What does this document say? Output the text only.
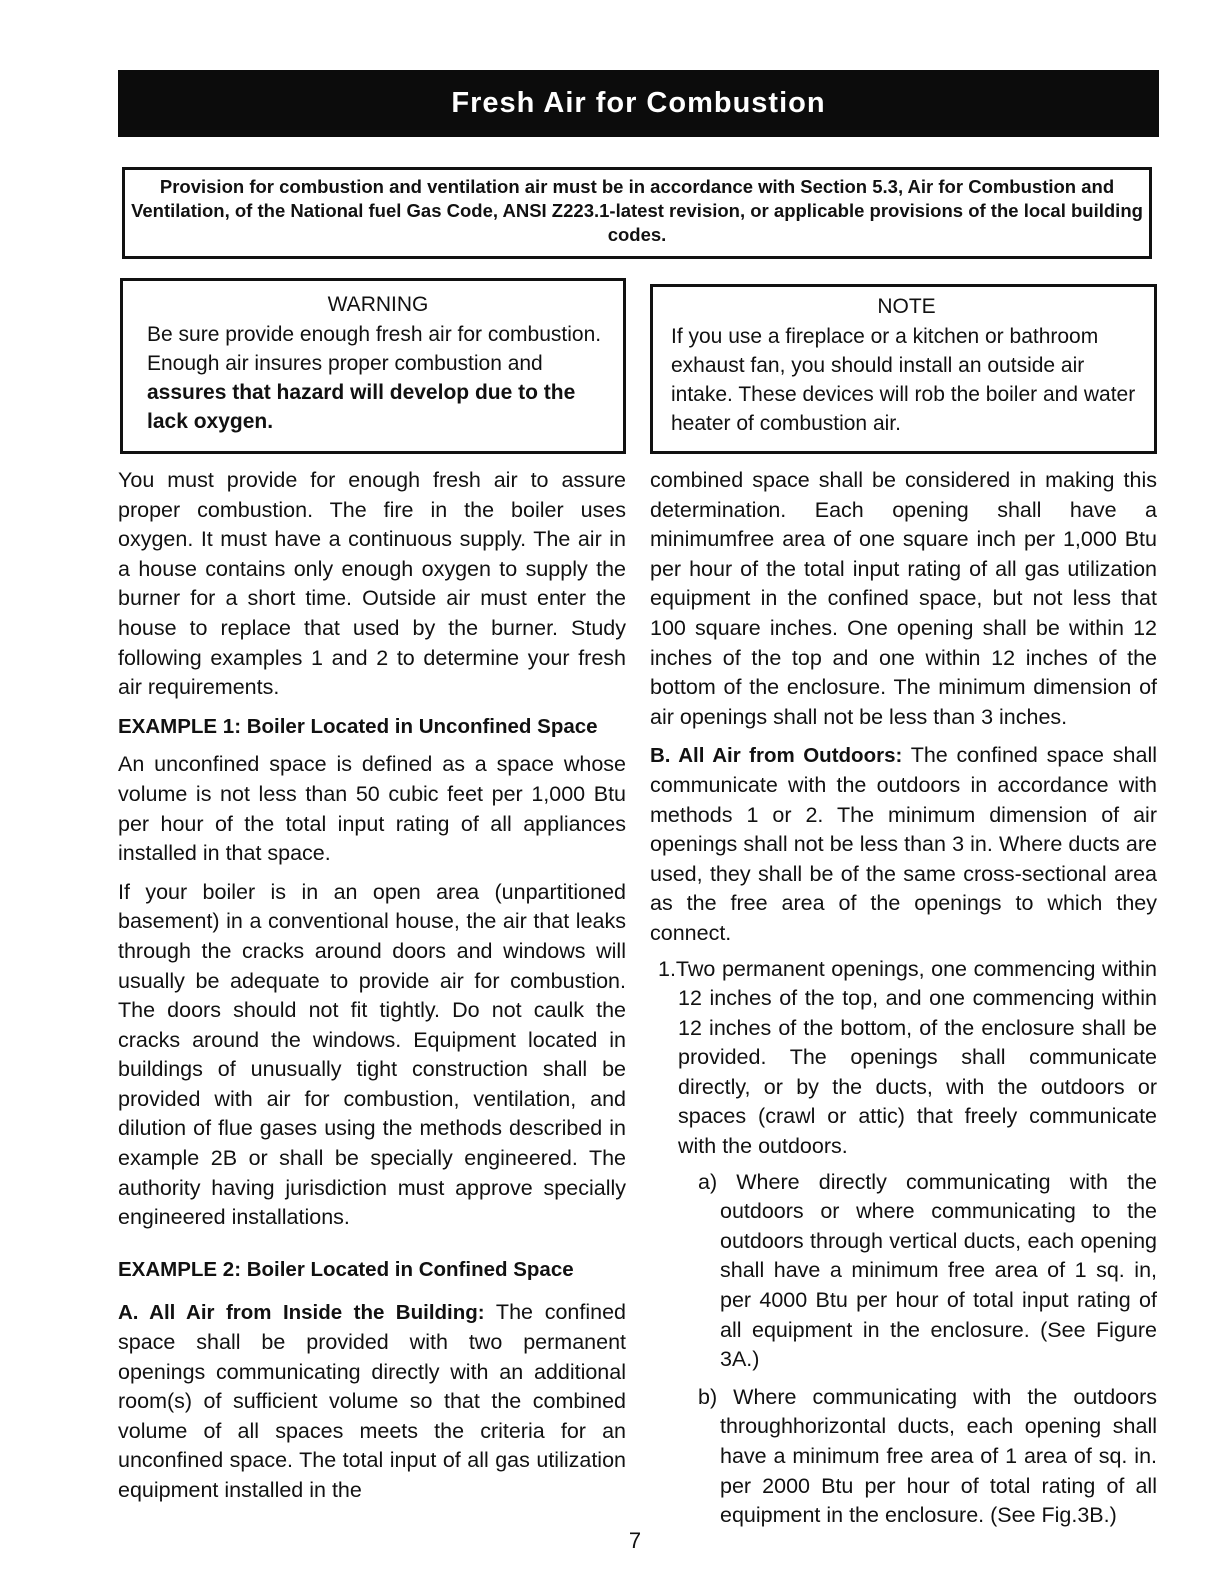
Fresh Air for Combustion
Provision for combustion and ventilation air must be in accordance with Section 5.3, Air for Combustion and Ventilation, of the National fuel Gas Code, ANSI Z223.1-latest revision, or applicable provisions of the local building codes.
WARNING
Be sure provide enough fresh air for combustion. Enough air insures proper combustion and assures that hazard will develop due to the lack oxygen.
NOTE
If you use a fireplace or a kitchen or bathroom exhaust fan, you should install an outside air intake. These devices will rob the boiler and water heater of combustion air.

You must provide for enough fresh air to assure proper combustion. The fire in the boiler uses oxygen. It must have a continuous supply. The air in a house contains only enough oxygen to supply the burner for a short time. Outside air must enter the house to replace that used by the burner. Study following examples 1 and 2 to determine your fresh air requirements.

EXAMPLE 1: Boiler Located in Unconfined Space

An unconfined space is defined as a space whose volume is not less than 50 cubic feet per 1,000 Btu per hour of the total input rating of all appliances installed in that space.

If your boiler is in an open area (unpartitioned basement) in a conventional house, the air that leaks through the cracks around doors and windows will usually be adequate to provide air for combustion. The doors should not fit tightly. Do not caulk the cracks around the windows. Equipment located in buildings of unusually tight construction shall be provided with air for combustion, ventilation, and dilution of flue gases using the methods described in example 2B or shall be specially engineered. The authority having jurisdiction must approve specially engineered installations.

EXAMPLE 2: Boiler Located in Confined Space

A. All Air from Inside the Building: The confined space shall be provided with two permanent openings communicating directly with an additional room(s) of sufficient volume so that the combined volume of all spaces meets the criteria for an unconfined space. The total input of all gas utilization equipment installed in the

combined space shall be considered in making this determination. Each opening shall have a minimumfree area of one square inch per 1,000 Btu per hour of the total input rating of all gas utilization equipment in the confined space, but not less that 100 square inches. One opening shall be within 12 inches of the top and one within 12 inches of the bottom of the enclosure. The minimum dimension of air openings shall not be less than 3 inches.

B. All Air from Outdoors: The confined space shall communicate with the outdoors in accordance with methods 1 or 2. The minimum dimension of air openings shall not be less than 3 in. Where ducts are used, they shall be of the same cross-sectional area as the free area of the openings to which they connect.

1.Two permanent openings, one commencing within 12 inches of the top, and one commencing within 12 inches of the bottom, of the enclosure shall be provided. The openings shall communicate directly, or by the ducts, with the outdoors or spaces (crawl or attic) that freely communicate with the outdoors.

a) Where directly communicating with the outdoors or where communicating to the outdoors through vertical ducts, each opening shall have a minimum free area of 1 sq. in, per 4000 Btu per hour of total input rating of all equipment in the enclosure. (See Figure 3A.)

b) Where communicating with the outdoors throughhorizontal ducts, each opening shall have a minimum free area of 1 area of sq. in. per 2000 Btu per hour of total rating of all equipment in the enclosure. (See Fig.3B.)

7
